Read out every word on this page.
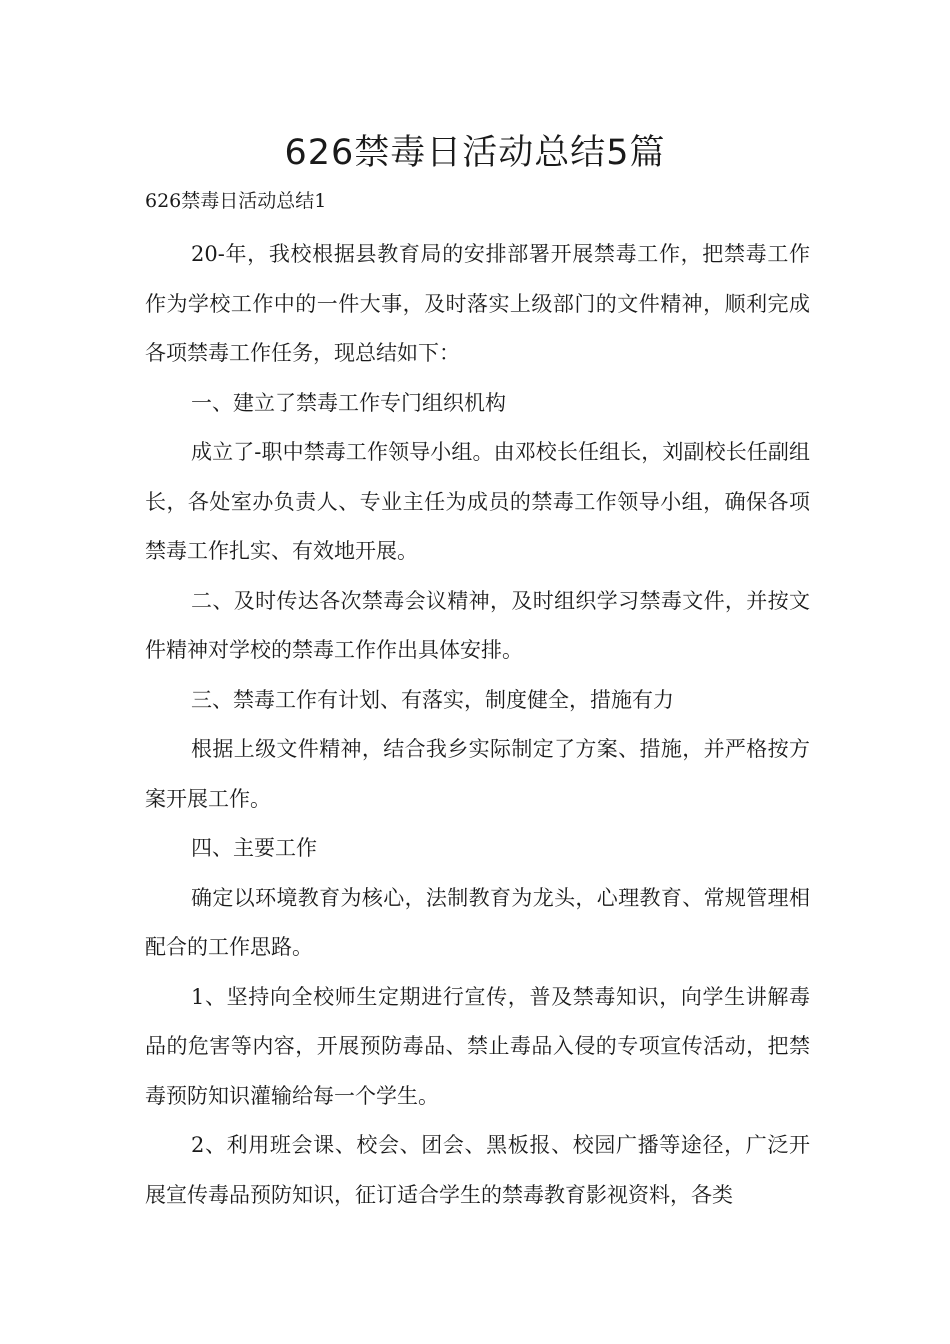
626禁毒日活动总结5篇
626禁毒日活动总结1

20-年，我校根据县教育局的安排部署开展禁毒工作，把禁毒工作作为学校工作中的一件大事，及时落实上级部门的文件精神，顺利完成各项禁毒工作任务，现总结如下：

一、建立了禁毒工作专门组织机构

成立了-职中禁毒工作领导小组。由邓校长任组长，刘副校长任副组长，各处室办负责人、专业主任为成员的禁毒工作领导小组，确保各项禁毒工作扎实、有效地开展。

二、及时传达各次禁毒会议精神，及时组织学习禁毒文件，并按文件精神对学校的禁毒工作作出具体安排。

三、禁毒工作有计划、有落实，制度健全，措施有力

根据上级文件精神，结合我乡实际制定了方案、措施，并严格按方案开展工作。

四、主要工作

确定以环境教育为核心，法制教育为龙头，心理教育、常规管理相配合的工作思路。

1、坚持向全校师生定期进行宣传，普及禁毒知识，向学生讲解毒品的危害等内容，开展预防毒品、禁止毒品入侵的专项宣传活动，把禁毒预防知识灌输给每一个学生。

2、利用班会课、校会、团会、黑板报、校园广播等途径，广泛开展宣传毒品预防知识，征订适合学生的禁毒教育影视资料，各类
